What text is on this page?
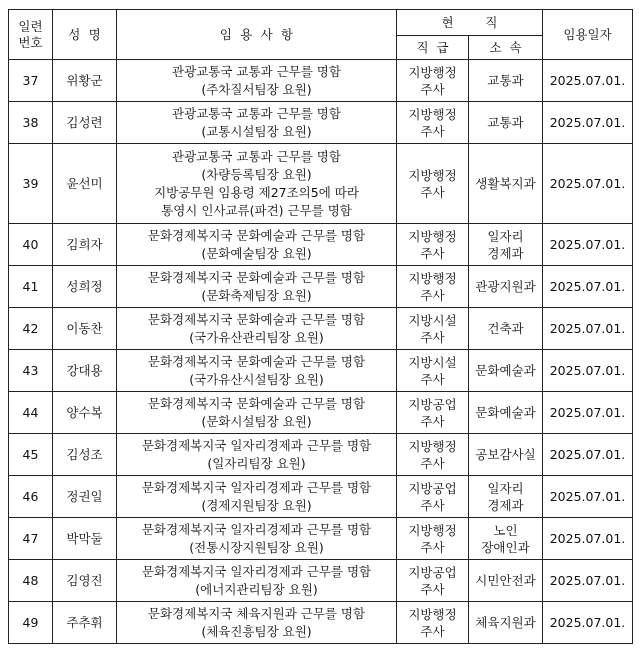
일련
번호	성  명	임  용  사  항	현        직		임용일자
			직  급	소  속	
37	위황군	관광교통국 교통과 근무를 명함
(주차질서팀장 요원)	지방행정
주사	교통과	2025.07.01.
38	김성련	관광교통국 교통과 근무를 명함
(교통시설팀장 요원)	지방행정
주사	교통과	2025.07.01.
39	윤선미	관광교통국 교통과 근무를 명함
(차량등록팀장 요원)
지방공무원 임용령 제27조의5에 따라
통영시 인사교류(파견) 근무를 명함	지방행정
주사	생활복지과	2025.07.01.
40	김희자	문화경제복지국 문화예술과 근무를 명함
(문화예술팀장 요원)	지방행정
주사	일자리
경제과	2025.07.01.
41	성희정	문화경제복지국 문화예술과 근무를 명함
(문화축제팀장 요원)	지방행정
주사	관광지원과	2025.07.01.
42	이동찬	문화경제복지국 문화예술과 근무를 명함
(국가유산관리팀장 요원)	지방시설
주사	건축과	2025.07.01.
43	강대용	문화경제복지국 문화예술과 근무를 명함
(국가유산시설팀장 요원)	지방시설
주사	문화예술과	2025.07.01.
44	양수복	문화경제복지국 문화예술과 근무를 명함
(문화시설팀장 요원)	지방공업
주사	문화예술과	2025.07.01.
45	김성조	문화경제복지국 일자리경제과 근무를 명함
(일자리팀장 요원)	지방행정
주사	공보감사실	2025.07.01.
46	정권일	문화경제복지국 일자리경제과 근무를 명함
(경제지원팀장 요원)	지방공업
주사	일자리
경제과	2025.07.01.
47	박막둘	문화경제복지국 일자리경제과 근무를 명함
(전통시장지원팀장 요원)	지방행정
주사	노인
장애인과	2025.07.01.
48	김영진	문화경제복지국 일자리경제과 근무를 명함
(에너지관리팀장 요원)	지방공업
주사	시민안전과	2025.07.01.
49	주추휘	문화경제복지국 체육지원과 근무를 명함
(체육진흥팀장 요원)	지방행정
주사	체육지원과	2025.07.01.
